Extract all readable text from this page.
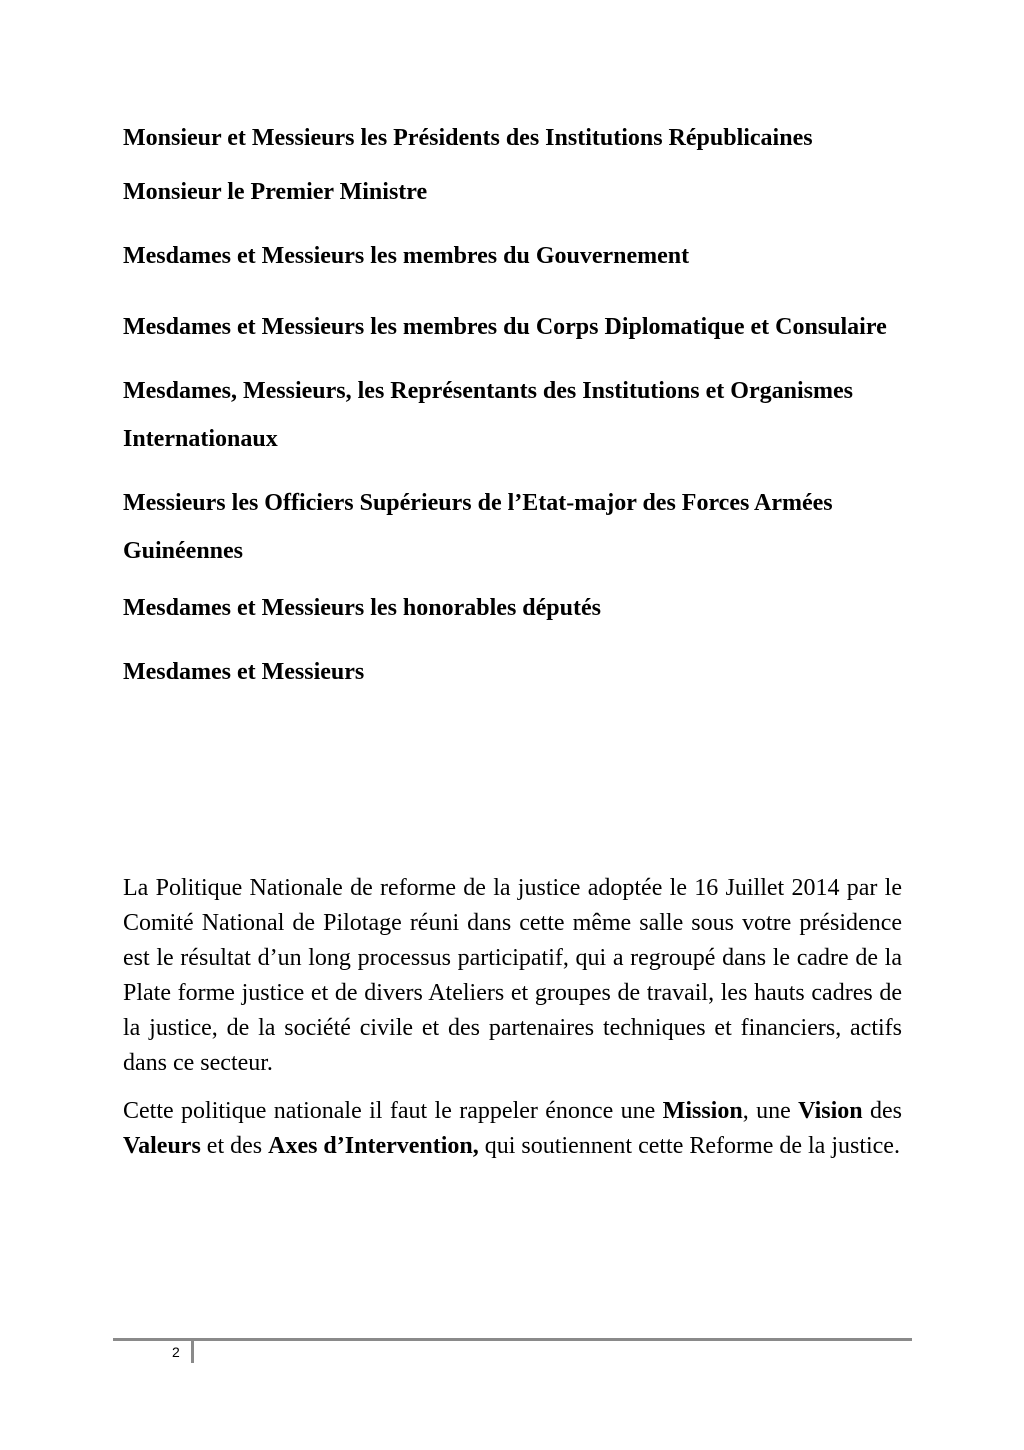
Monsieur et Messieurs les Présidents des Institutions Républicaines

Monsieur le Premier Ministre

Mesdames et Messieurs les membres du Gouvernement

Mesdames et Messieurs les membres du Corps Diplomatique et Consulaire

Mesdames, Messieurs, les Représentants des Institutions et Organismes Internationaux

Messieurs les Officiers Supérieurs de l’Etat-major des Forces Armées Guinéennes

Mesdames et Messieurs les honorables députés

Mesdames et Messieurs

La Politique Nationale de reforme de la justice adoptée le 16 Juillet 2014 par le Comité National de Pilotage réuni dans cette même salle sous votre présidence est le résultat d’un long processus participatif, qui a regroupé dans le cadre de la Plate forme justice et de divers Ateliers et groupes de travail, les hauts cadres de la justice, de la société civile et des partenaires techniques et financiers, actifs dans ce secteur.

Cette politique nationale il faut le rappeler énonce une Mission, une Vision des Valeurs et des Axes d’Intervention, qui soutiennent cette Reforme de la justice.

2
